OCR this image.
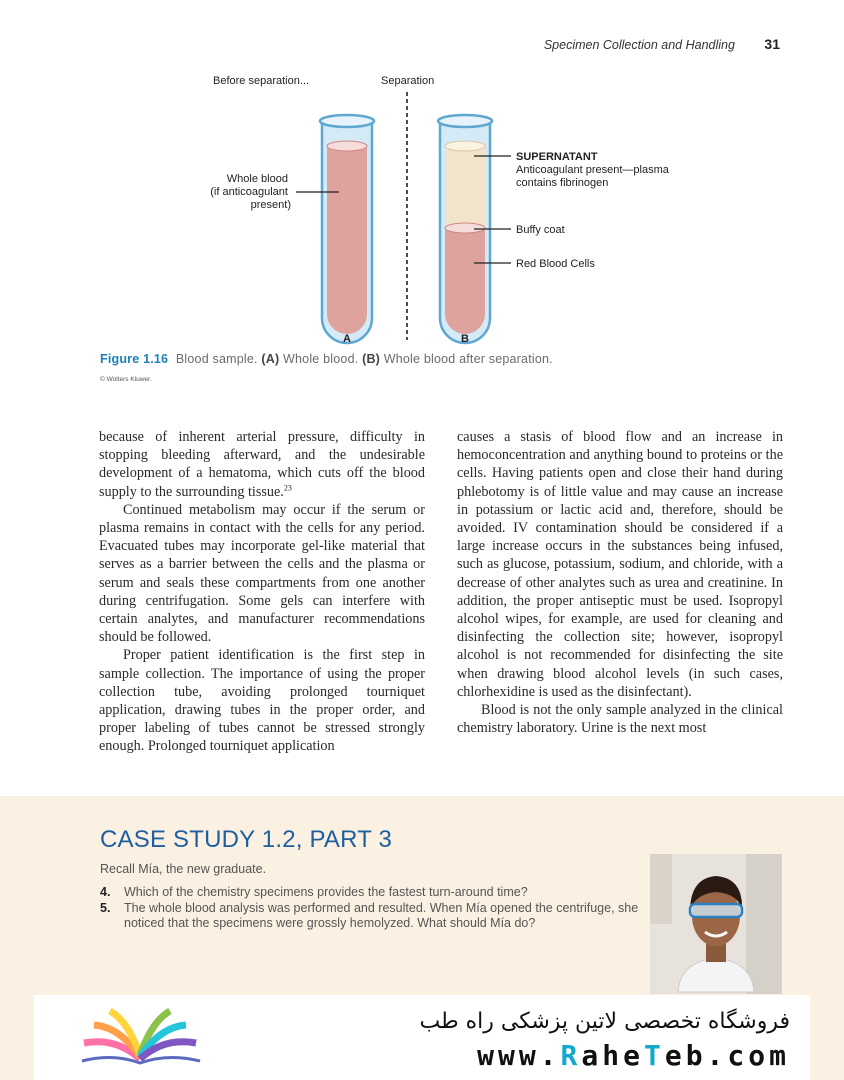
Specimen Collection and Handling 31
Before separation...	Separation
A
Whole blood (if anticoagulant present)
B
SUPERNATANT
Anticoagulant present—plasma contains fibrinogen
Buffy coat
Red Blood Cells
Figure 1.16 Blood sample. (A) Whole blood. (B) Whole blood after separation.
© Wolters Kluwer.

because of inherent arterial pressure, difficulty in stopping bleeding afterward, and the undesirable development of a hematoma, which cuts off the blood supply to the surrounding tissue.$^{23}$

Continued metabolism may occur if the serum or plasma remains in contact with the cells for any period. Evacuated tubes may incorporate gel-like material that serves as a barrier between the cells and the plasma or serum and seals these compartments from one another during centrifugation. Some gels can interfere with certain analytes, and manufacturer recommendations should be followed.

Proper patient identification is the first step in sample collection. The importance of using the proper collection tube, avoiding prolonged tourniquet application, drawing tubes in the proper order, and proper labeling of tubes cannot be stressed strongly enough. Prolonged tourniquet application

causes a stasis of blood flow and an increase in hemoconcentration and anything bound to proteins or the cells. Having patients open and close their hand during phlebotomy is of little value and may cause an increase in potassium or lactic acid and, therefore, should be avoided. IV contamination should be considered if a large increase occurs in the substances being infused, such as glucose, potassium, sodium, and chloride, with a decrease of other analytes such as urea and creatinine. In addition, the proper antiseptic must be used. Isopropyl alcohol wipes, for example, are used for cleaning and disinfecting the collection site; however, isopropyl alcohol is not recommended for disinfecting the site when drawing blood alcohol levels (in such cases, chlorhexidine is used as the disinfectant).

Blood is not the only sample analyzed in the clinical chemistry laboratory. Urine is the next most

CASE STUDY 1.2, PART 3
Recall Mía, the new graduate.
4. Which of the chemistry specimens provides the fastest turn-around time?
5. The whole blood analysis was performed and resulted. When Mía opened the centrifuge, she noticed that the specimens were grossly hemolyzed. What should Mía do?
فروشگاه تخصصی لاتین پزشکی راه طب
www.RaheTeb.com
